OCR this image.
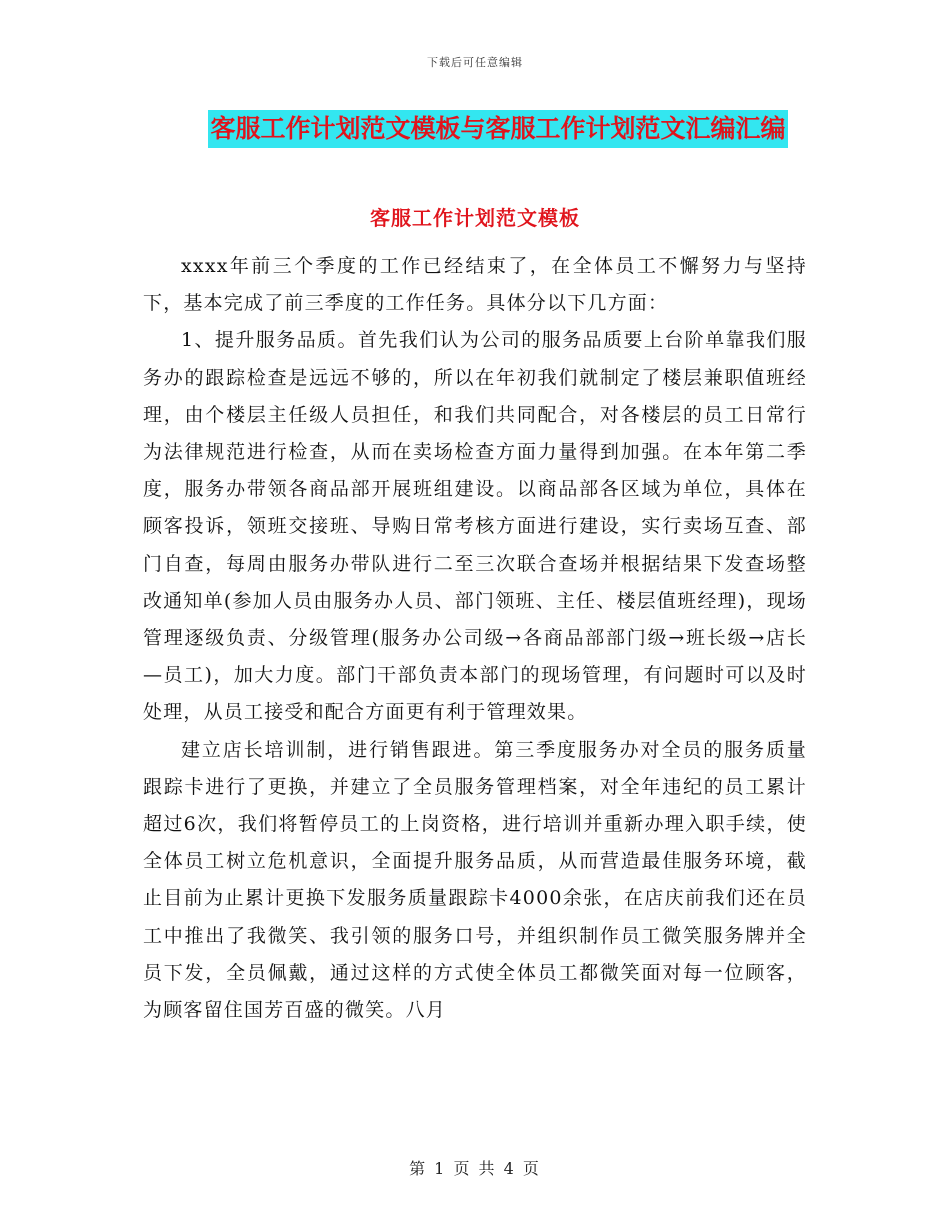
下载后可任意编辑
客服工作计划范文模板与客服工作计划范文汇编汇编
客服工作计划范文模板

xxxx年前三个季度的工作已经结束了，在全体员工不懈努力与坚持下，基本完成了前三季度的工作任务。具体分以下几方面：

1、提升服务品质。首先我们认为公司的服务品质要上台阶单靠我们服务办的跟踪检查是远远不够的，所以在年初我们就制定了楼层兼职值班经理，由个楼层主任级人员担任，和我们共同配合，对各楼层的员工日常行为法律规范进行检查，从而在卖场检查方面力量得到加强。在本年第二季度，服务办带领各商品部开展班组建设。以商品部各区域为单位，具体在顾客投诉，领班交接班、导购日常考核方面进行建设，实行卖场互查、部门自查，每周由服务办带队进行二至三次联合查场并根据结果下发查场整改通知单(参加人员由服务办人员、部门领班、主任、楼层值班经理)，现场管理逐级负责、分级管理(服务办公司级→各商品部部门级→班长级→店长—员工)，加大力度。部门干部负责本部门的现场管理，有问题时可以及时处理，从员工接受和配合方面更有利于管理效果。

建立店长培训制，进行销售跟进。第三季度服务办对全员的服务质量跟踪卡进行了更换，并建立了全员服务管理档案，对全年违纪的员工累计超过6次，我们将暂停员工的上岗资格，进行培训并重新办理入职手续，使全体员工树立危机意识，全面提升服务品质，从而营造最佳服务环境，截止目前为止累计更换下发服务质量跟踪卡4000余张，在店庆前我们还在员工中推出了我微笑、我引领的服务口号，并组织制作员工微笑服务牌并全员下发，全员佩戴，通过这样的方式使全体员工都微笑面对每一位顾客，为顾客留住国芳百盛的微笑。八月

第 1 页 共 4 页
